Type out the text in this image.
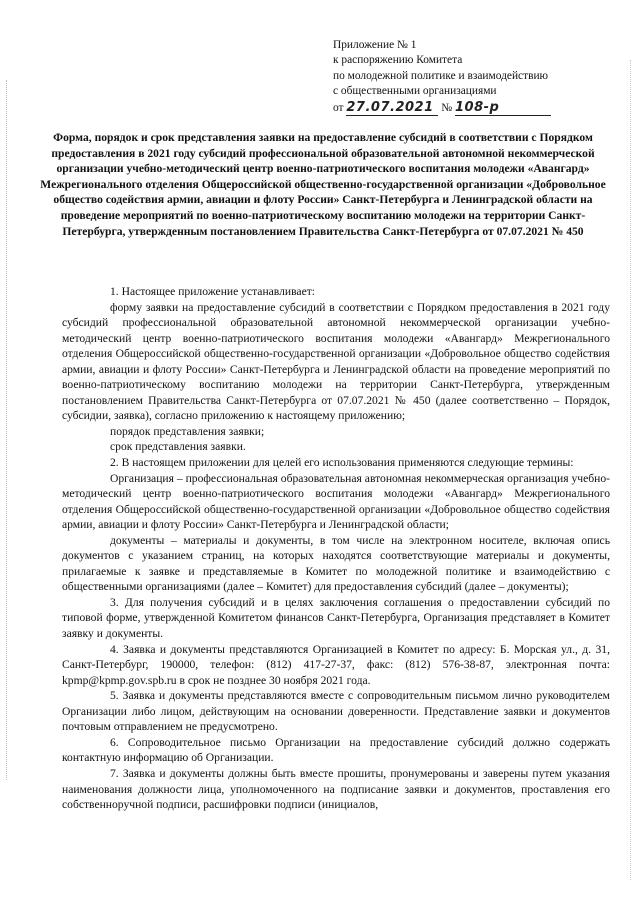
Приложение № 1
к распоряжению Комитета
по молодежной политике и взаимодействию
с общественными организациями
от 27.07.2021 № 108-р
Форма, порядок и срок представления заявки на предоставление субсидий в соответствии с Порядком предоставления в 2021 году субсидий профессиональной образовательной автономной некоммерческой организации учебно-методический центр военно-патриотического воспитания молодежи «Авангард» Межрегионального отделения Общероссийской общественно-государственной организации «Добровольное общество содействия армии, авиации и флоту России» Санкт-Петербурга и Ленинградской области на проведение мероприятий по военно-патриотическому воспитанию молодежи на территории Санкт-Петербурга, утвержденным постановлением Правительства Санкт-Петербурга от 07.07.2021 № 450

1. Настоящее приложение устанавливает:

форму заявки на предоставление субсидий в соответствии с Порядком предоставления в 2021 году субсидий профессиональной образовательной автономной некоммерческой организации учебно-методический центр военно-патриотического воспитания молодежи «Авангард» Межрегионального отделения Общероссийской общественно-государственной организации «Добровольное общество содействия армии, авиации и флоту России» Санкт-Петербурга и Ленинградской области на проведение мероприятий по военно-патриотическому воспитанию молодежи на территории Санкт-Петербурга, утвержденным постановлением Правительства Санкт-Петербурга от 07.07.2021 № 450 (далее соответственно – Порядок, субсидии, заявка), согласно приложению к настоящему приложению;

порядок представления заявки;

срок представления заявки.

2. В настоящем приложении для целей его использования применяются следующие термины:

Организация – профессиональная образовательная автономная некоммерческая организация учебно-методический центр военно-патриотического воспитания молодежи «Авангард» Межрегионального отделения Общероссийской общественно-государственной организации «Добровольное общество содействия армии, авиации и флоту России» Санкт-Петербурга и Ленинградской области;

документы – материалы и документы, в том числе на электронном носителе, включая опись документов с указанием страниц, на которых находятся соответствующие материалы и документы, прилагаемые к заявке и представляемые в Комитет по молодежной политике и взаимодействию с общественными организациями (далее – Комитет) для предоставления субсидий (далее – документы);

3. Для получения субсидий и в целях заключения соглашения о предоставлении субсидий по типовой форме, утвержденной Комитетом финансов Санкт-Петербурга, Организация представляет в Комитет заявку и документы.

4. Заявка и документы представляются Организацией в Комитет по адресу: Б. Морская ул., д. 31, Санкт-Петербург, 190000, телефон: (812) 417-27-37, факс: (812) 576-38-87, электронная почта: kpmp@kpmp.gov.spb.ru в срок не позднее 30 ноября 2021 года.

5. Заявка и документы представляются вместе с сопроводительным письмом лично руководителем Организации либо лицом, действующим на основании доверенности. Представление заявки и документов почтовым отправлением не предусмотрено.

6. Сопроводительное письмо Организации на предоставление субсидий должно содержать контактную информацию об Организации.

7. Заявка и документы должны быть вместе прошиты, пронумерованы и заверены путем указания наименования должности лица, уполномоченного на подписание заявки и документов, проставления его собственноручной подписи, расшифровки подписи (инициалов,
